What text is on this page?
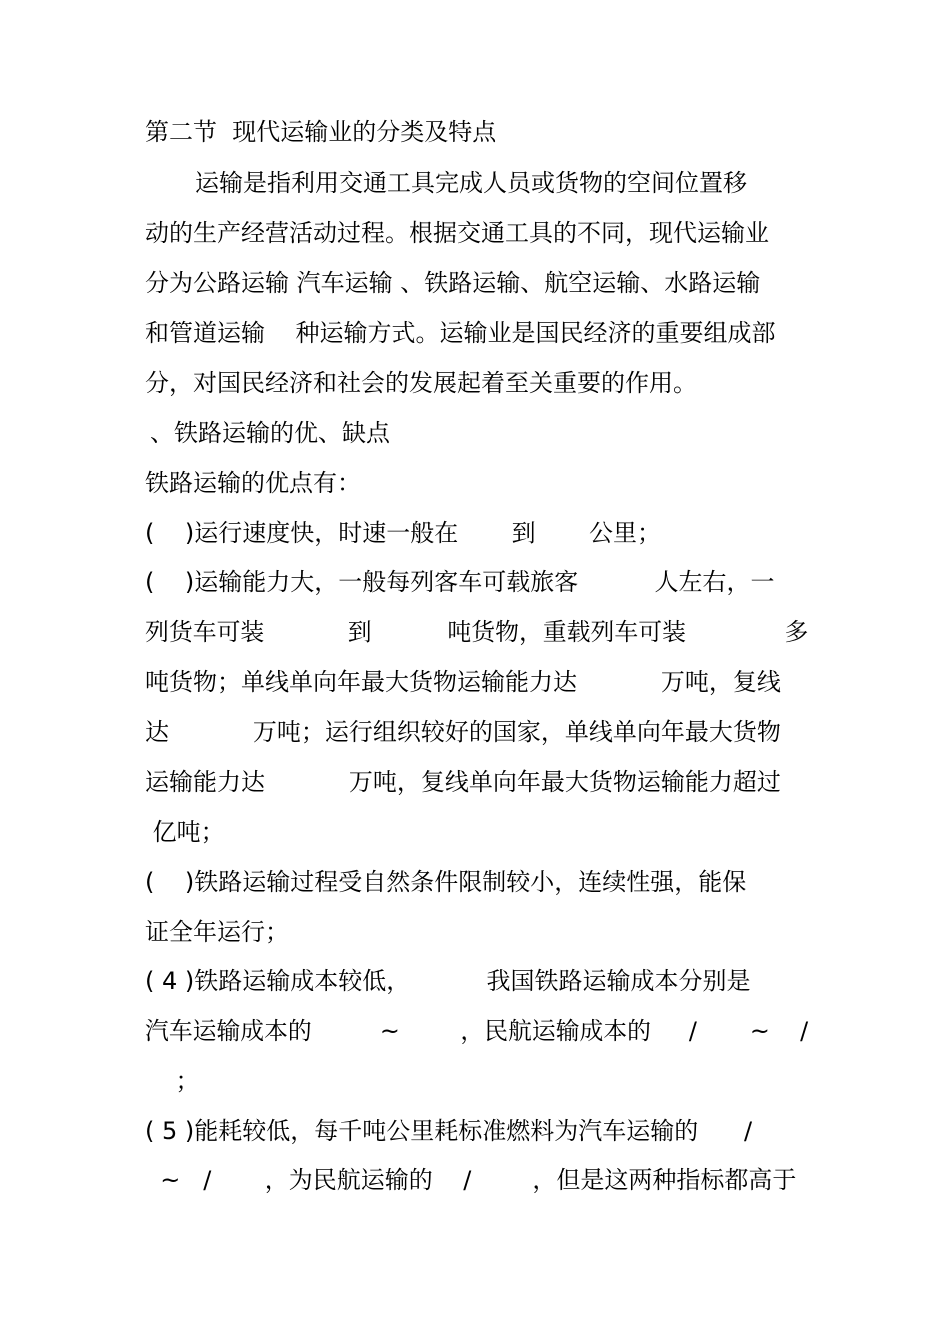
第二节  现代运输业的分类及特点
运输是指利用交通工具完成人员或货物的空间位置移
动的生产经营活动过程。根据交通工具的不同，现代运输业
分为公路运输 汽车运输 、铁路运输、航空运输、水路运输
和管道运输    种运输方式。运输业是国民经济的重要组成部
分，对国民经济和社会的发展起着至关重要的作用。
、铁路运输的优、缺点
铁路运输的优点有：
(    )运行速度快，时速一般在       到       公里；
(    )运输能力大，一般每列客车可载旅客          人左右，一
列货车可装           到          吨货物，重载列车可装             多
吨货物；单线单向年最大货物运输能力达           万吨，复线
达           万吨；运行组织较好的国家，单线单向年最大货物
运输能力达           万吨，复线单向年最大货物运输能力超过
亿吨；
(    )铁路运输过程受自然条件限制较小，连续性强，能保
证全年运行；
( 4 )铁路运输成本较低，          我国铁路运输成本分别是
汽车运输成本的         ~        ，民航运输成本的     /       ~    /
；
( 5 )能耗较低，每千吨公里耗标准燃料为汽车运输的      /
~   /       ，为民航运输的    /        ，但是这两种指标都高于
